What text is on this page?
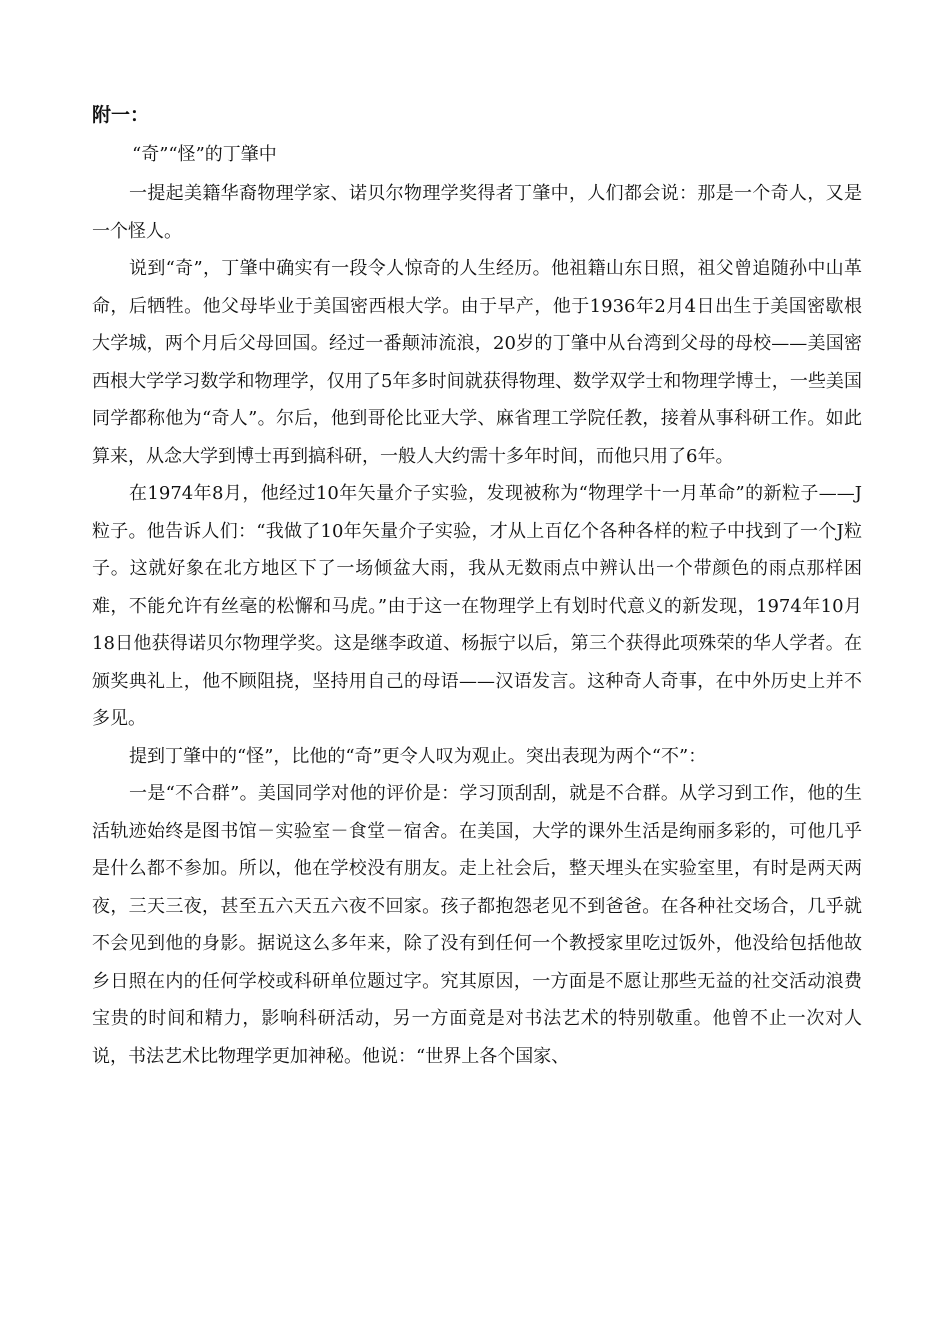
附一：

“奇”“怪”的丁肇中

一提起美籍华裔物理学家、诺贝尔物理学奖得者丁肇中，人们都会说：那是一个奇人，又是一个怪人。

说到“奇”，丁肇中确实有一段令人惊奇的人生经历。他祖籍山东日照，祖父曾追随孙中山革命，后牺牲。他父母毕业于美国密西根大学。由于早产，他于1936年2月4日出生于美国密歇根大学城，两个月后父母回国。经过一番颠沛流浪，20岁的丁肇中从台湾到父母的母校——美国密西根大学学习数学和物理学，仅用了5年多时间就获得物理、数学双学士和物理学博士，一些美国同学都称他为“奇人”。尔后，他到哥伦比亚大学、麻省理工学院任教，接着从事科研工作。如此算来，从念大学到博士再到搞科研，一般人大约需十多年时间，而他只用了6年。

在1974年8月，他经过10年矢量介子实验，发现被称为“物理学十一月革命”的新粒子——J粒子。他告诉人们：“我做了10年矢量介子实验，才从上百亿个各种各样的粒子中找到了一个J粒子。这就好象在北方地区下了一场倾盆大雨，我从无数雨点中辨认出一个带颜色的雨点那样困难，不能允许有丝毫的松懈和马虎。”由于这一在物理学上有划时代意义的新发现，1974年10月18日他获得诺贝尔物理学奖。这是继李政道、杨振宁以后，第三个获得此项殊荣的华人学者。在颁奖典礼上，他不顾阻挠，坚持用自己的母语——汉语发言。这种奇人奇事，在中外历史上并不多见。

提到丁肇中的“怪”，比他的“奇”更令人叹为观止。突出表现为两个“不”：

一是“不合群”。美国同学对他的评价是：学习顶刮刮，就是不合群。从学习到工作，他的生活轨迹始终是图书馆－实验室－食堂－宿舍。在美国，大学的课外生活是绚丽多彩的，可他几乎是什么都不参加。所以，他在学校没有朋友。走上社会后，整天埋头在实验室里，有时是两天两夜，三天三夜，甚至五六天五六夜不回家。孩子都抱怨老见不到爸爸。在各种社交场合，几乎就不会见到他的身影。据说这么多年来，除了没有到任何一个教授家里吃过饭外，他没给包括他故乡日照在内的任何学校或科研单位题过字。究其原因，一方面是不愿让那些无益的社交活动浪费宝贵的时间和精力，影响科研活动，另一方面竟是对书法艺术的特别敬重。他曾不止一次对人说，书法艺术比物理学更加神秘。他说：“世界上各个国家、
